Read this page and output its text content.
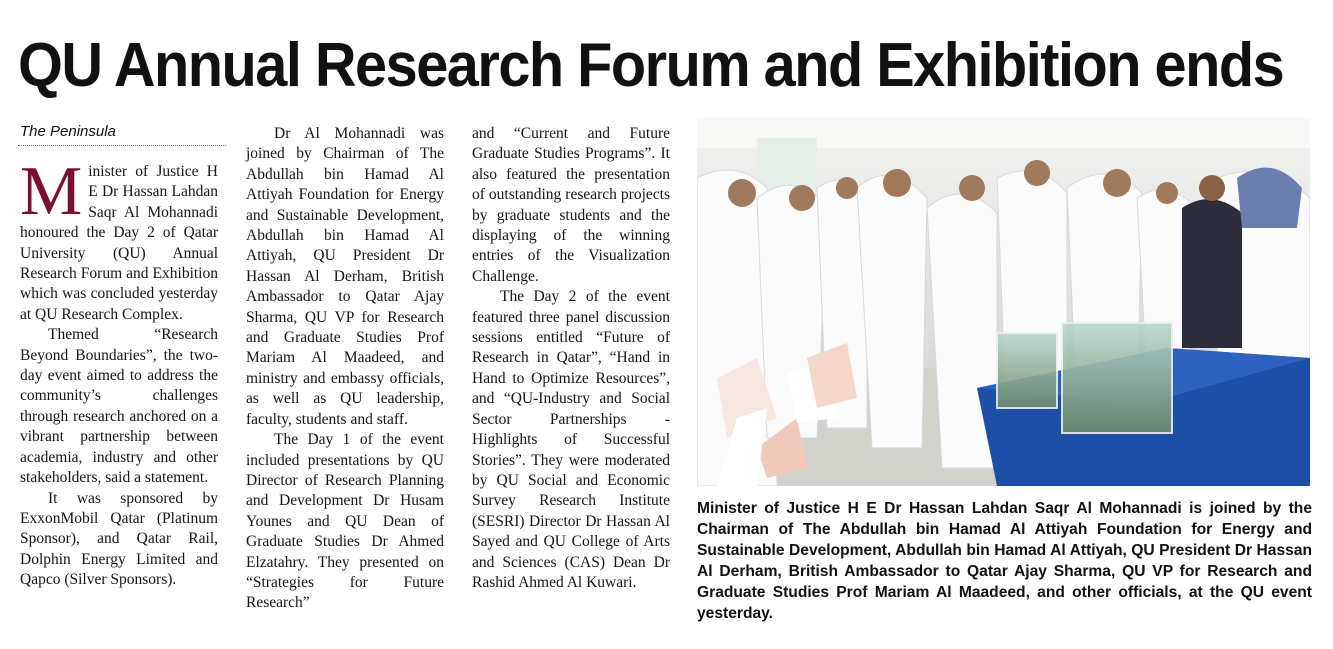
QU Annual Research Forum and Exhibition ends
The Peninsula

Minister of Justice H E Dr Hassan Lahdan Saqr Al Mohannadi honoured the Day 2 of Qatar University (QU) Annual Research Forum and Exhibition which was concluded yesterday at QU Research Complex.

Themed “Research Beyond Boundaries”, the two-day event aimed to address the community’s challenges through research anchored on a vibrant partnership between academia, industry and other stakeholders, said a statement.

It was sponsored by ExxonMobil Qatar (Platinum Sponsor), and Qatar Rail, Dolphin Energy Limited and Qapco (Silver Sponsors).

Dr Al Mohannadi was joined by Chairman of The Abdullah bin Hamad Al Attiyah Foundation for Energy and Sustainable Development, Abdullah bin Hamad Al Attiyah, QU President Dr Hassan Al Derham, British Ambassador to Qatar Ajay Sharma, QU VP for Research and Graduate Studies Prof Mariam Al Maadeed, and ministry and embassy officials, as well as QU leadership, faculty, students and staff.

The Day 1 of the event included presentations by QU Director of Research Planning and Development Dr Husam Younes and QU Dean of Graduate Studies Dr Ahmed Elzatahry. They presented on “Strategies for Future Research”

and “Current and Future Graduate Studies Programs”. It also featured the presentation of outstanding research projects by graduate students and the displaying of the winning entries of the Visualization Challenge.

The Day 2 of the event featured three panel discussion sessions entitled “Future of Research in Qatar”, “Hand in Hand to Optimize Resources”, and “QU-Industry and Social Sector Partnerships - Highlights of Successful Stories”. They were moderated by QU Social and Economic Survey Research Institute (SESRI) Director Dr Hassan Al Sayed and QU College of Arts and Sciences (CAS) Dean Dr Rashid Ahmed Al Kuwari.

Minister of Justice H E Dr Hassan Lahdan Saqr Al Mohannadi is joined by the Chairman of The Abdullah bin Hamad Al Attiyah Foundation for Energy and Sustainable Development, Abdullah bin Hamad Al Attiyah, QU President Dr Hassan Al Derham, British Ambassador to Qatar Ajay Sharma, QU VP for Research and Graduate Studies Prof Mariam Al Maadeed, and other officials, at the QU event yesterday.
